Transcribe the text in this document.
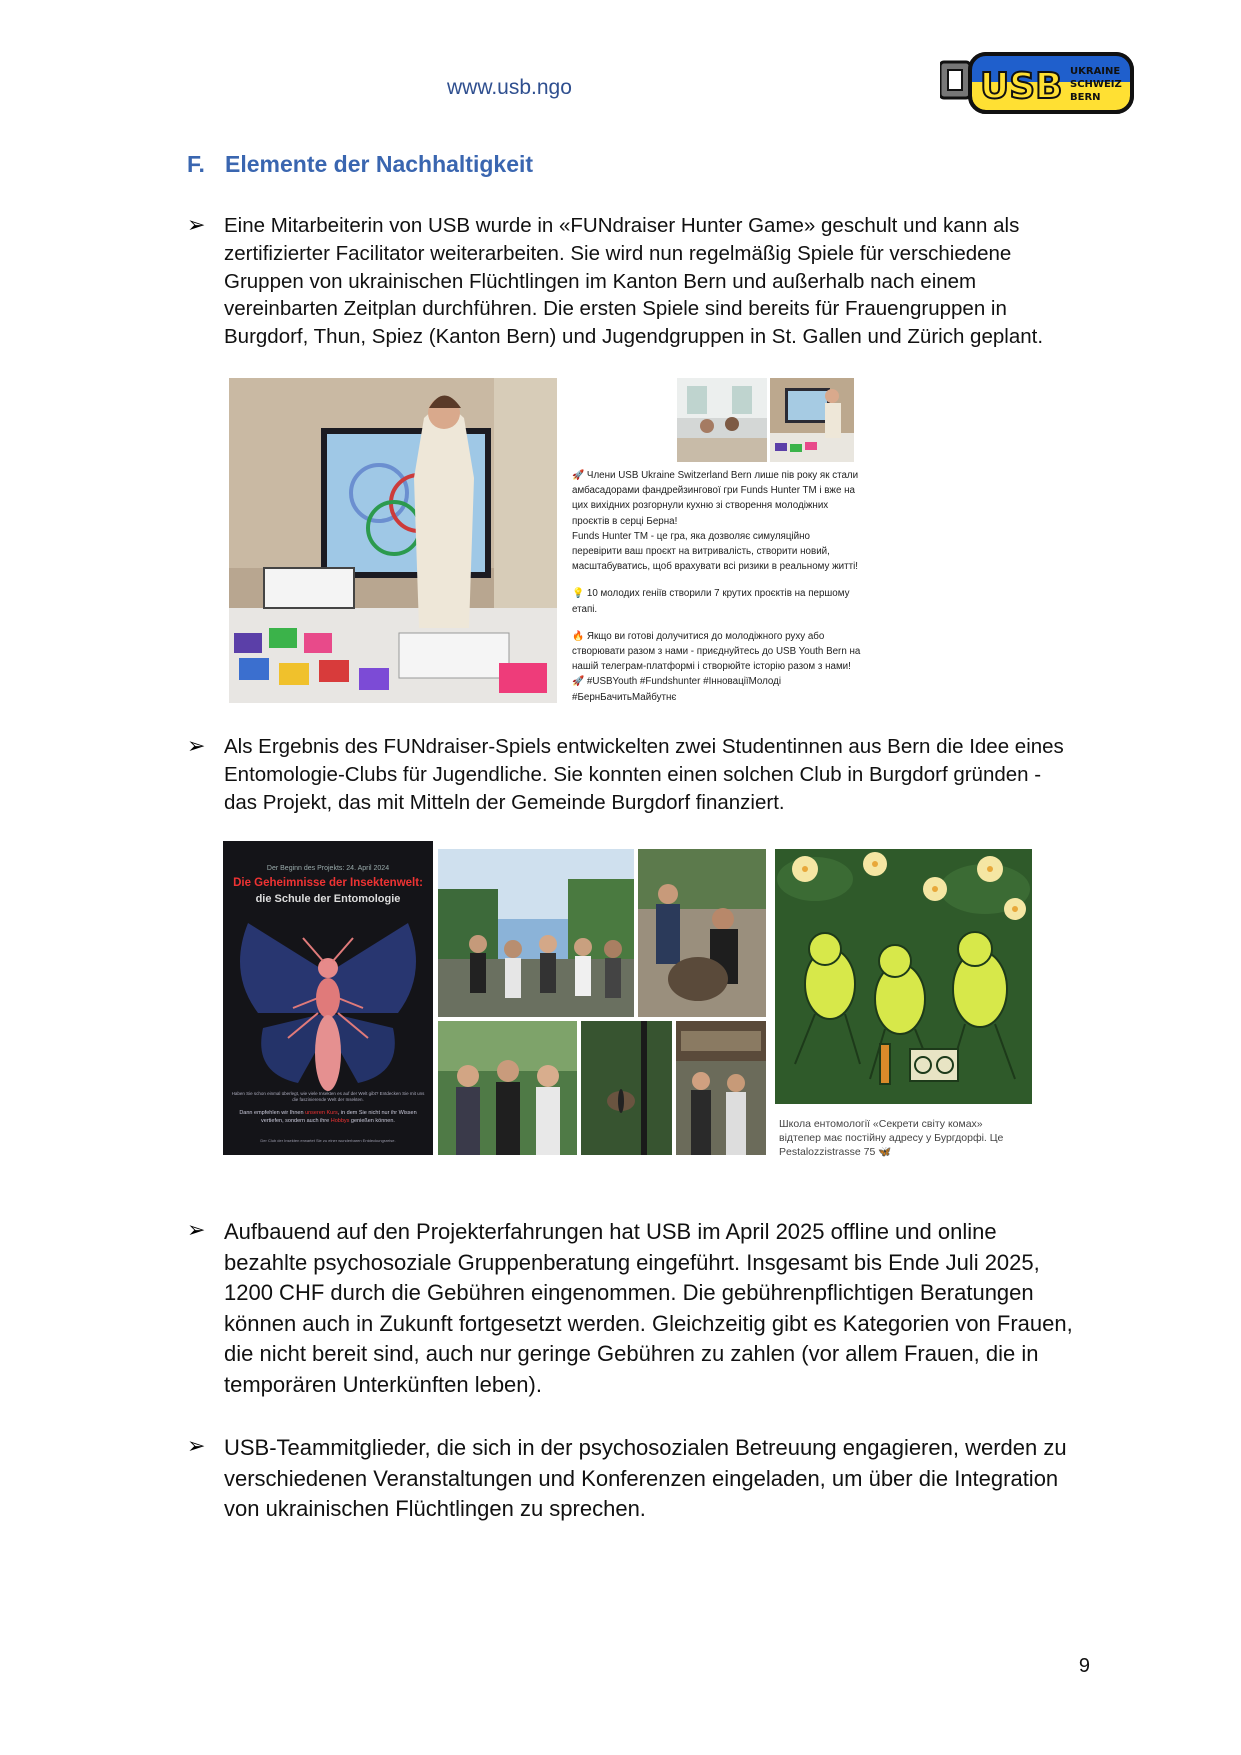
www.usb.ngo	USB UKRAINE
SCHWEIZ
BERN
F. Elemente der Nachhaltigkeit
➢ Eine Mitarbeiterin von USB wurde in «FUNdraiser Hunter Game» geschult und kann als zertifizierter Facilitator weiterarbeiten. Sie wird nun regelmäßig Spiele für verschiedene Gruppen von ukrainischen Flüchtlingen im Kanton Bern und außerhalb nach einem vereinbarten Zeitplan durchführen. Die ersten Spiele sind bereits für Frauengruppen in Burgdorf, Thun, Spiez (Kanton Bern) und Jugendgruppen in St. Gallen und Zürich geplant.

🚀 Члени USB Ukraine Switzerland Bern лише пів року як стали амбасадорами фандрейзингової гри Funds Hunter TM і вже на цих вихідних розгорнули кухню зі створення молодіжних проєктів в серці Берна!

Funds Hunter TM - це гра, яка дозволяє симуляційно перевірити ваш проєкт на витривалість, створити новий, масштабуватись, щоб врахувати всі ризики в реальному житті!

💡 10 молодих геніїв створили 7 крутих проєктів на першому етапі.

🔥 Якщо ви готові долучитися до молодіжного руху або створювати разом з нами - приєднуйтесь до USB Youth Bern на нашій телеграм-платформі і створюйте історію разом з нами! 🚀 #USBYouth #Fundshunter #ІнноваціїМолоді #БернБачитьМайбутнє

➢ Als Ergebnis des FUNdraiser-Spiels entwickelten zwei Studentinnen aus Bern die Idee eines Entomologie-Clubs für Jugendliche. Sie konnten einen solchen Club in Burgdorf gründen - das Projekt, das mit Mitteln der Gemeinde Burgdorf finanziert.
Der Beginn des Projekts: 24. April 2024
Die Geheimnisse der Insektenwelt:
die Schule der Entomologie
Haben Sie schon einmal überlegt, wie viele Insekten es auf der Welt gibt? Entdecken Sie mit uns die faszinierende Welt der Insekten.
Dann empfehlen wir Ihnen unseren Kurs, in dem Sie nicht nur ihr Wissen vertiefen, sondern auch ihre Hobbys genießen können.
Der Club der Insekten erwartet Sie zu einer wunderbaren Entdeckungsreise.
Школа ентомології «Секрети світу комах»
відтепер має постійну адресу у Бургдорфі. Це
Pestalozzistrasse 75 🦋
➢ Aufbauend auf den Projekterfahrungen hat USB im April 2025 offline und online bezahlte psychosoziale Gruppenberatung eingeführt. Insgesamt bis Ende Juli 2025, 1200 CHF durch die Gebühren eingenommen. Die gebührenpflichtigen Beratungen können auch in Zukunft fortgesetzt werden. Gleichzeitig gibt es Kategorien von Frauen, die nicht bereit sind, auch nur geringe Gebühren zu zahlen (vor allem Frauen, die in temporären Unterkünften leben).
➢ USB-Teammitglieder, die sich in der psychosozialen Betreuung engagieren, werden zu verschiedenen Veranstaltungen und Konferenzen eingeladen, um über die Integration von ukrainischen Flüchtlingen zu sprechen.
9
